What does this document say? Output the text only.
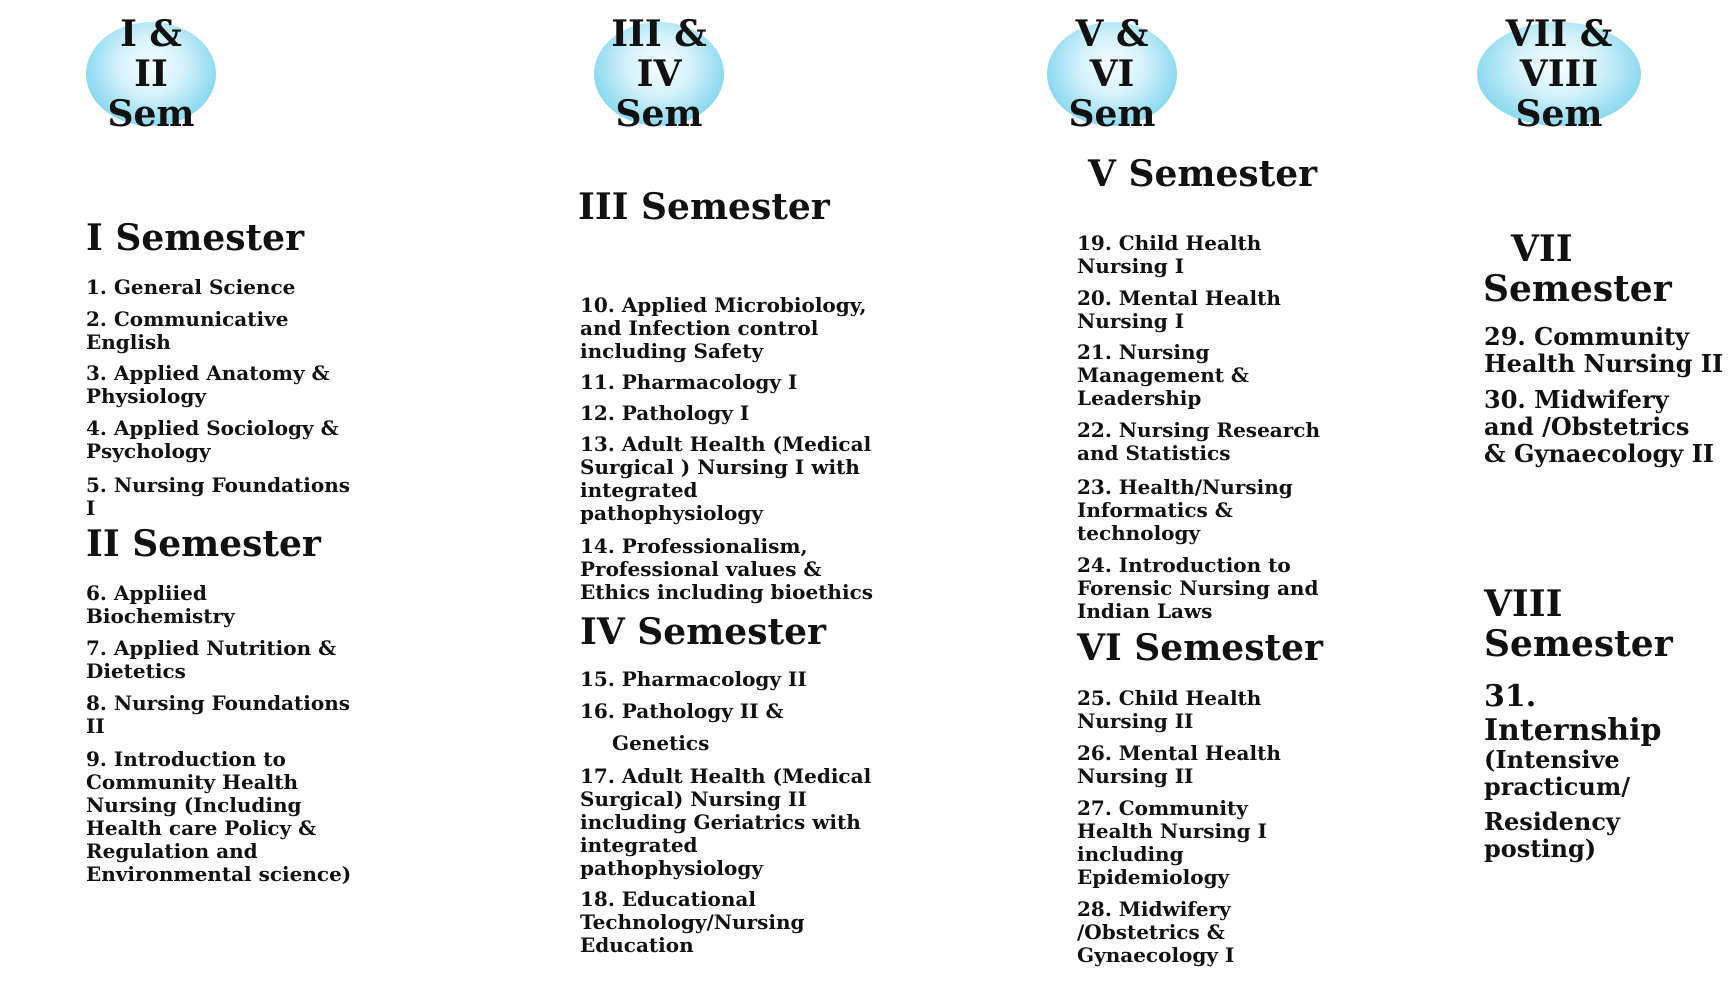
I &
II
Sem
III &
IV
Sem
V &
VI
Sem
VII &
VIII
Sem
I Semester
1. General Science
2. Communicative
English
3. Applied Anatomy &
Physiology
4. Applied Sociology &
Psychology
5. Nursing Foundations
I
II Semester
6. Appliied
Biochemistry
7. Applied Nutrition &
Dietetics
8. Nursing Foundations
II
9. Introduction to
Community Health
Nursing (Including
Health care Policy &
Regulation and
Environmental science)
III Semester
10. Applied Microbiology,
and Infection control
including Safety
11. Pharmacology I
12. Pathology I
13. Adult Health (Medical
Surgical ) Nursing I with
integrated
pathophysiology
14. Professionalism,
Professional values &
Ethics including bioethics
IV Semester
15. Pharmacology II
16. Pathology II &
Genetics
17. Adult Health (Medical
Surgical) Nursing II
including Geriatrics with
integrated
pathophysiology
18. Educational
Technology/Nursing
Education
V Semester
19. Child Health
Nursing I
20. Mental Health
Nursing I
21. Nursing
Management &
Leadership
22. Nursing Research
and Statistics
23. Health/Nursing
Informatics &
technology
24. Introduction to
Forensic Nursing and
Indian Laws
VI Semester
25. Child Health
Nursing II
26. Mental Health
Nursing II
27. Community
Health Nursing I
including
Epidemiology
28. Midwifery
/Obstetrics &
Gynaecology I
VII
Semester
29. Community
Health Nursing II
30. Midwifery
and /Obstetrics
& Gynaecology II
VIII
Semester
31.
Internship
(Intensive
practicum/
Residency
posting)
